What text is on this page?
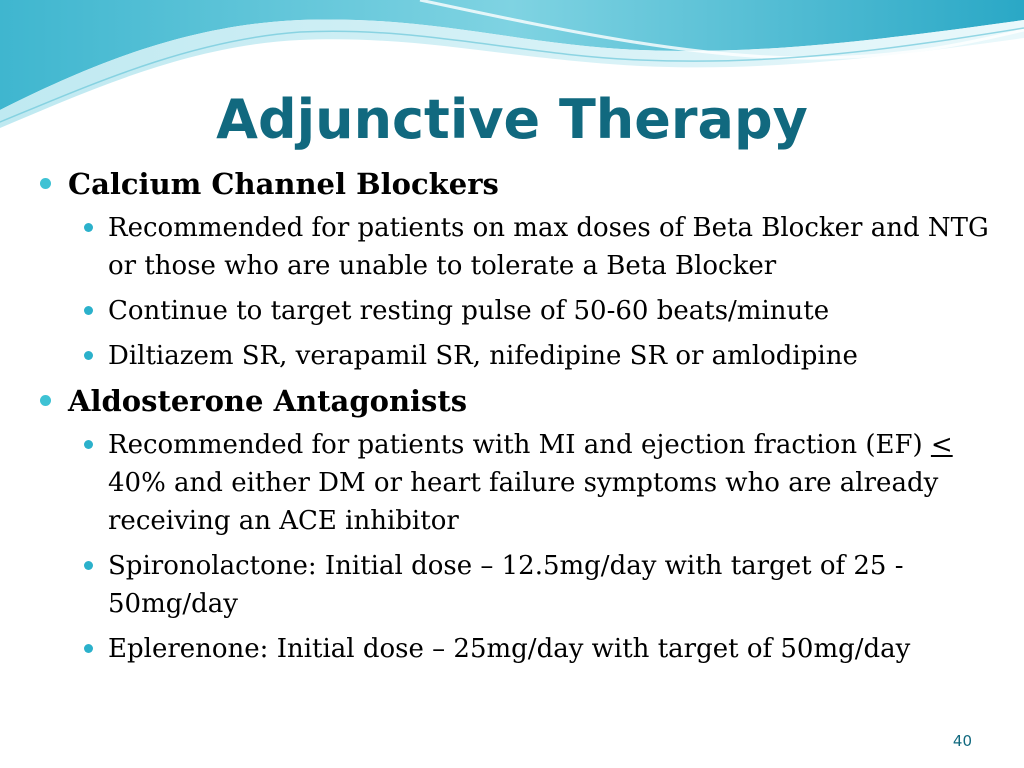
Adjunctive Therapy
Calcium Channel Blockers
Recommended for patients on max doses of Beta Blocker and NTG or those who are unable to tolerate a Beta Blocker
Continue to target resting pulse of 50-60 beats/minute
Diltiazem SR, verapamil SR, nifedipine SR or amlodipine
Aldosterone Antagonists
Recommended for patients with MI and ejection fraction (EF) < 40% and either DM or heart failure symptoms who are already receiving an ACE inhibitor
Spironolactone: Initial dose – 12.5mg/day with target of 25 - 50mg/day
Eplerenone: Initial dose – 25mg/day with target of 50mg/day
40
